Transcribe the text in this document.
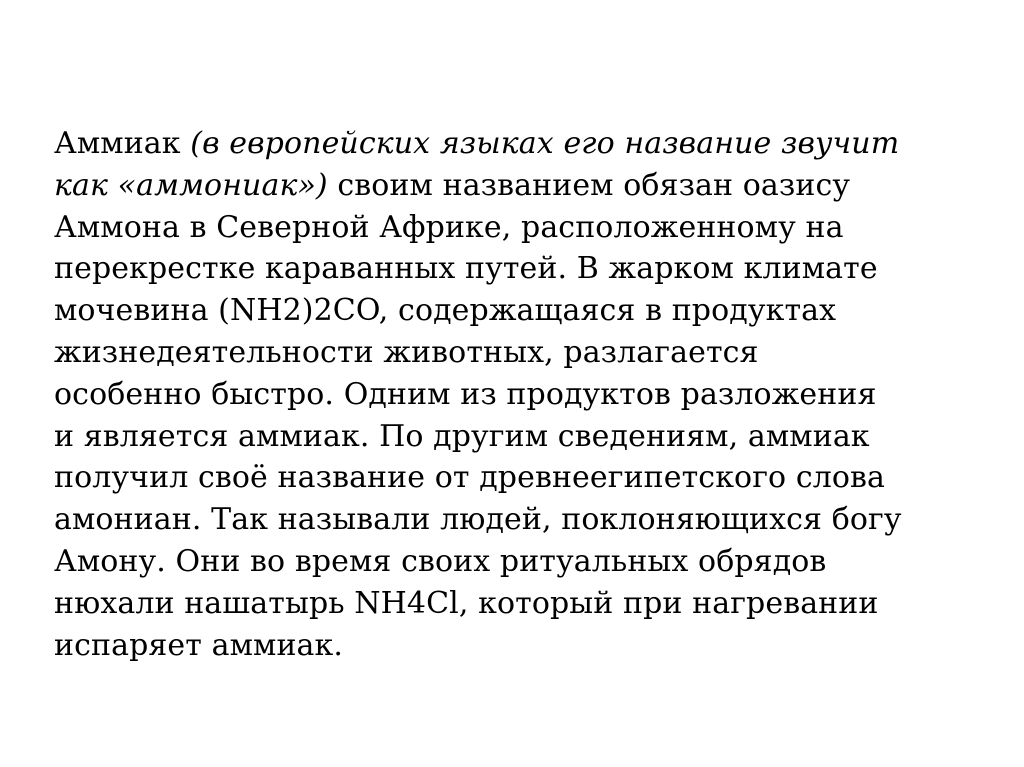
Аммиак (в европейских языках его название звучит
как «аммониак») своим названием обязан оазису
Аммона в Северной Африке, расположенному на
перекрестке караванных путей. В жарком климате
мочевина (NH2)2CO, содержащаяся в продуктах
жизнедеятельности животных, разлагается
особенно быстро. Одним из продуктов разложения
и является аммиак. По другим сведениям, аммиак
получил своё название от древнеегипетского слова
амониан. Так называли людей, поклоняющихся богу
Амону. Они во время своих ритуальных обрядов
нюхали нашатырь NH4Cl, который при нагревании
испаряет аммиак.
